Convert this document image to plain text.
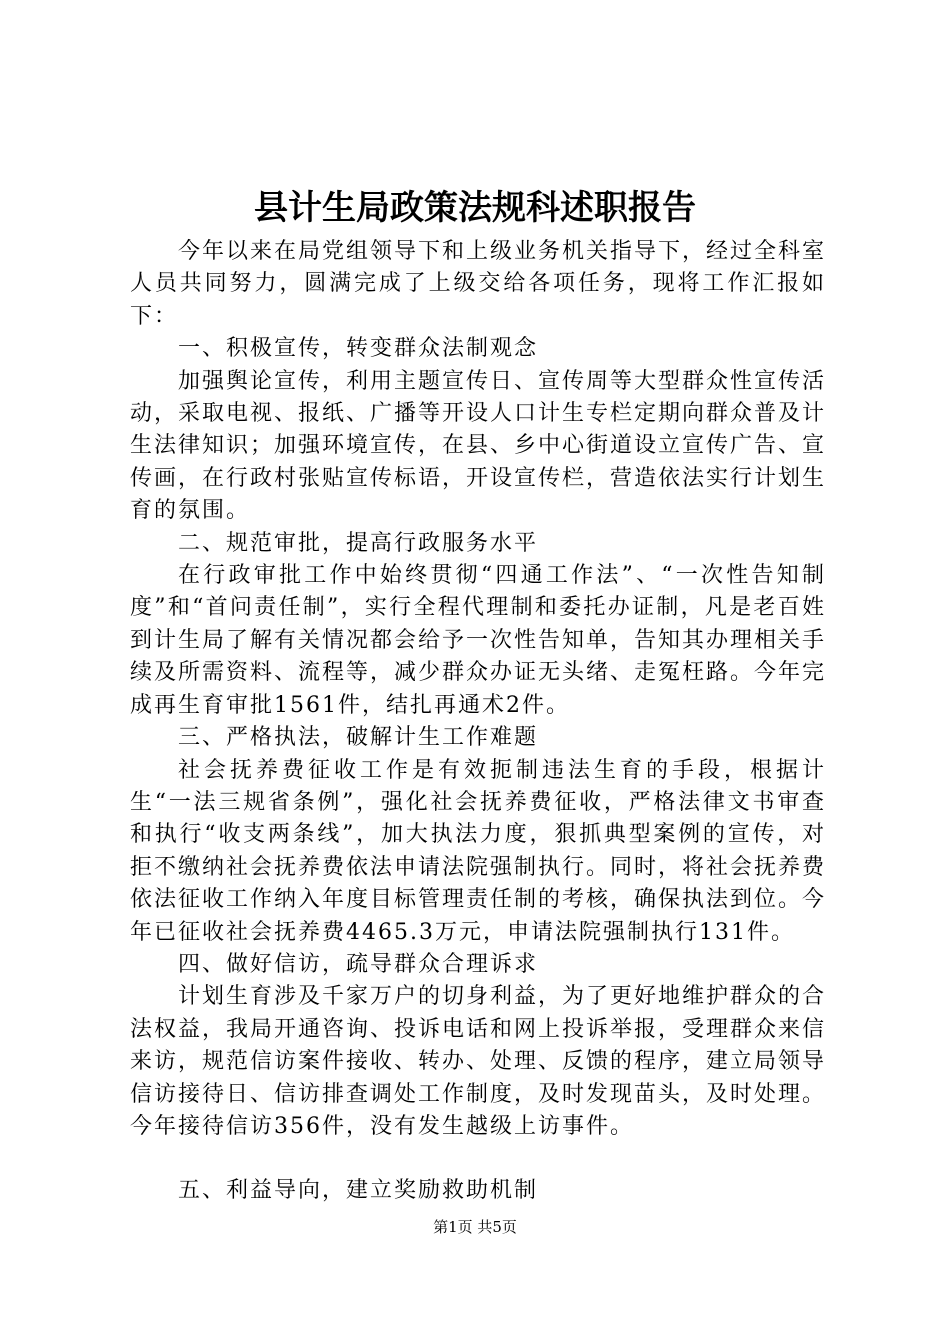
县计生局政策法规科述职报告

今年以来在局党组领导下和上级业务机关指导下，经过全科室人员共同努力，圆满完成了上级交给各项任务，现将工作汇报如下：

一、积极宣传，转变群众法制观念

加强舆论宣传，利用主题宣传日、宣传周等大型群众性宣传活动，采取电视、报纸、广播等开设人口计生专栏定期向群众普及计生法律知识；加强环境宣传，在县、乡中心街道设立宣传广告、宣传画，在行政村张贴宣传标语，开设宣传栏，营造依法实行计划生育的氛围。

二、规范审批，提高行政服务水平

在行政审批工作中始终贯彻“四通工作法”、“一次性告知制度”和“首问责任制”，实行全程代理制和委托办证制，凡是老百姓到计生局了解有关情况都会给予一次性告知单，告知其办理相关手续及所需资料、流程等，减少群众办证无头绪、走冤枉路。今年完成再生育审批1561件，结扎再通术2件。

三、严格执法，破解计生工作难题

社会抚养费征收工作是有效扼制违法生育的手段，根据计生“一法三规省条例”，强化社会抚养费征收，严格法律文书审查和执行“收支两条线”，加大执法力度，狠抓典型案例的宣传，对拒不缴纳社会抚养费依法申请法院强制执行。同时，将社会抚养费依法征收工作纳入年度目标管理责任制的考核，确保执法到位。今年已征收社会抚养费4465.3万元，申请法院强制执行131件。

四、做好信访，疏导群众合理诉求

计划生育涉及千家万户的切身利益，为了更好地维护群众的合法权益，我局开通咨询、投诉电话和网上投诉举报，受理群众来信来访，规范信访案件接收、转办、处理、反馈的程序，建立局领导信访接待日、信访排查调处工作制度，及时发现苗头，及时处理。今年接待信访356件，没有发生越级上访事件。

五、利益导向，建立奖励救助机制

第1页 共5页
